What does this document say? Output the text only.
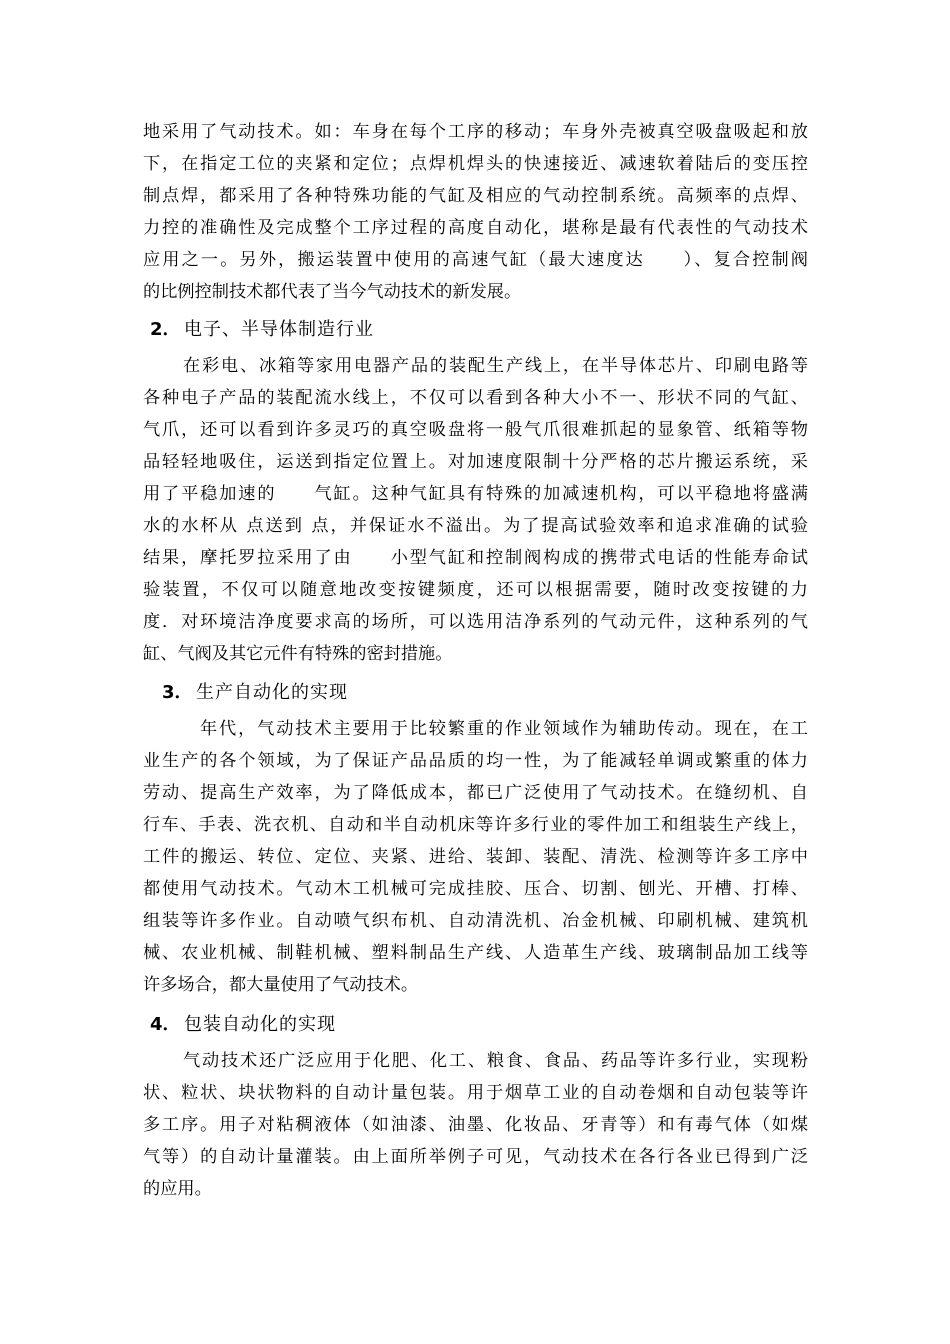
地采用了气动技术。如：车身在每个工序的移动；车身外壳被真空吸盘吸起和放
下，在指定工位的夹紧和定位；点焊机焊头的快速接近、减速软着陆后的变压控
制点焊，都采用了各种特殊功能的气缸及相应的气动控制系统。高频率的点焊、
力控的准确性及完成整个工序过程的高度自动化，堪称是最有代表性的气动技术
应用之一。另外，搬运装置中使用的高速气缸（最大速度达　　）、复合控制阀
的比例控制技术都代表了当今气动技术的新发展。
2． 电子、半导体制造行业
在彩电、冰箱等家用电器产品的装配生产线上，在半导体芯片、印刷电路等
各种电子产品的装配流水线上，不仅可以看到各种大小不一、形状不同的气缸、
气爪，还可以看到许多灵巧的真空吸盘将一般气爪很难抓起的显象管、纸箱等物
品轻轻地吸住，运送到指定位置上。对加速度限制十分严格的芯片搬运系统，采
用了平稳加速的　　气缸。这种气缸具有特殊的加减速机构，可以平稳地将盛满
水的水杯从 点送到 点，并保证水不溢出。为了提高试验效率和追求准确的试验
结果，摩托罗拉采用了由　　小型气缸和控制阀构成的携带式电话的性能寿命试
验装置，不仅可以随意地改变按键频度，还可以根据需要，随时改变按键的力
度．对环境洁净度要求高的场所，可以选用洁净系列的气动元件，这种系列的气
缸、气阀及其它元件有特殊的密封措施。
3． 生产自动化的实现
年代，气动技术主要用于比较繁重的作业领域作为辅助传动。现在，在工
业生产的各个领域，为了保证产品品质的均一性，为了能减轻单调或繁重的体力
劳动、提高生产效率，为了降低成本，都已广泛使用了气动技术。在缝纫机、自
行车、手表、洗衣机、自动和半自动机床等许多行业的零件加工和组装生产线上，
工件的搬运、转位、定位、夹紧、进给、装卸、装配、清洗、检测等许多工序中
都使用气动技术。气动木工机械可完成挂胶、压合、切割、刨光、开槽、打棒、
组装等许多作业。自动喷气织布机、自动清洗机、冶金机械、印刷机械、建筑机
械、农业机械、制鞋机械、塑料制品生产线、人造革生产线、玻璃制品加工线等
许多场合，都大量使用了气动技术。
4． 包装自动化的实现
气动技术还广泛应用于化肥、化工、粮食、食品、药品等许多行业，实现粉
状、粒状、块状物料的自动计量包装。用于烟草工业的自动卷烟和自动包装等许
多工序。用子对粘稠液体（如油漆、油墨、化妆品、牙青等）和有毒气体（如煤
气等）的自动计量灌装。由上面所举例子可见，气动技术在各行各业已得到广泛
的应用。
